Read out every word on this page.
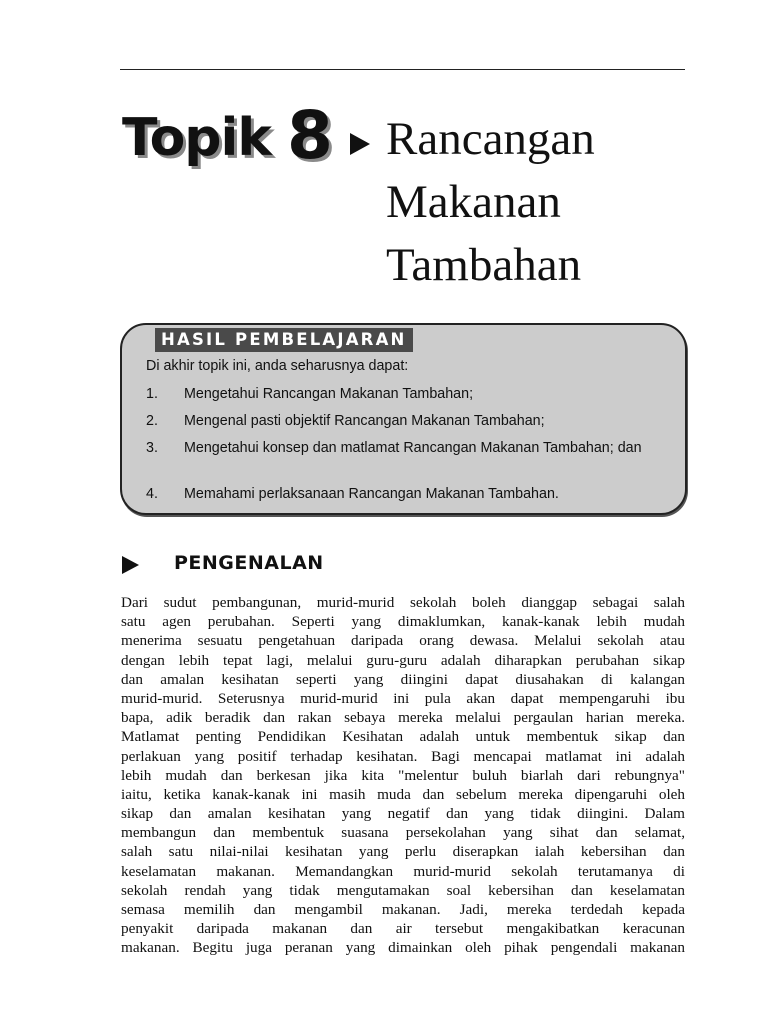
Topik 8 Rancangan
Makanan
Tambahan
HASIL PEMBELAJARAN
Di akhir topik ini, anda seharusnya dapat:
1. Mengetahui Rancangan Makanan Tambahan;
2. Mengenal pasti objektif Rancangan Makanan Tambahan;
3. Mengetahui konsep dan matlamat Rancangan Makanan Tambahan; dan
4. Memahami perlaksanaan Rancangan Makanan Tambahan.
PENGENALAN
Dari sudut pembangunan, murid-murid sekolah boleh dianggap sebagai salah
satu agen perubahan. Seperti yang dimaklumkan, kanak-kanak lebih mudah
menerima sesuatu pengetahuan daripada orang dewasa. Melalui sekolah atau
dengan lebih tepat lagi, melalui guru-guru adalah diharapkan perubahan sikap
dan amalan kesihatan seperti yang diingini dapat diusahakan di kalangan
murid-murid. Seterusnya murid-murid ini pula akan dapat mempengaruhi ibu
bapa, adik beradik dan rakan sebaya mereka melalui pergaulan harian mereka.
Matlamat penting Pendidikan Kesihatan adalah untuk membentuk sikap dan
perlakuan yang positif terhadap kesihatan. Bagi mencapai matlamat ini adalah
lebih mudah dan berkesan jika kita "melentur buluh biarlah dari rebungnya"
iaitu, ketika kanak-kanak ini masih muda dan sebelum mereka dipengaruhi oleh
sikap dan amalan kesihatan yang negatif dan yang tidak diingini. Dalam
membangun dan membentuk suasana persekolahan yang sihat dan selamat,
salah satu nilai-nilai kesihatan yang perlu diserapkan ialah kebersihan dan
keselamatan makanan. Memandangkan murid-murid sekolah terutamanya di
sekolah rendah yang tidak mengutamakan soal kebersihan dan keselamatan
semasa memilih dan mengambil makanan. Jadi, mereka terdedah kepada
penyakit daripada makanan dan air tersebut mengakibatkan keracunan
makanan. Begitu juga peranan yang dimainkan oleh pihak pengendali makanan
